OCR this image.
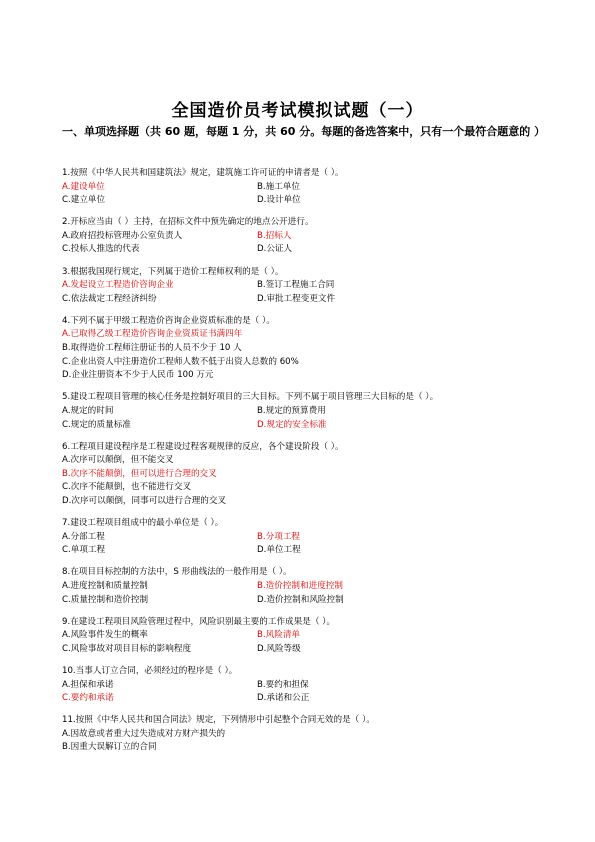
全国造价员考试模拟试题（一）
一、单项选择题（共 60 题，每题 1 分，共 60 分。每题的备选答案中，只有一个最符合题意的 ）
1.按照《中华人民共和国建筑法》规定，建筑施工许可证的申请者是（ ）。
A.建设单位	B.施工单位
C.建立单位	D.设计单位
2.开标应当由（ ）主持，在招标文件中预先确定的地点公开进行。
A.政府招投标管理办公室负责人	B.招标人
C.投标人推选的代表	D.公证人
3.根据我国现行规定，下列属于造价工程师权利的是（ ）。
A.发起设立工程造价咨询企业	B.签订工程施工合同
C.依法裁定工程经济纠纷	D.审批工程变更文件
4.下列不属于甲级工程造价咨询企业资质标准的是（ ）。
A.已取得乙级工程造价咨询企业资质证书满四年
B.取得造价工程师注册证书的人员不少于 10 人
C.企业出资人中注册造价工程师人数不低于出资人总数的 60%
D.企业注册资本不少于人民币 100 万元
5.建设工程项目管理的核心任务是控制好项目的三大目标。下列不属于项目管理三大目标的是（ ）。
A.规定的时间	B.规定的预算费用
C.规定的质量标准	D.规定的安全标准
6.工程项目建设程序是工程建设过程客观规律的反应，各个建设阶段（ ）。
A.次序可以颠倒，但不能交叉
B.次序不能颠倒，但可以进行合理的交叉
C.次序不能颠倒，也不能进行交叉
D.次序可以颠倒，同事可以进行合理的交叉
7.建设工程项目组成中的最小单位是（ ）。
A.分部工程	B.分项工程
C.单项工程	D.单位工程
8.在项目目标控制的方法中，S 形曲线法的一般作用是（ ）。
A.进度控制和质量控制	B.造价控制和进度控制
C.质量控制和造价控制	D.造价控制和风险控制
9.在建设工程项目风险管理过程中，风险识别最主要的工作成果是（ ）。
A.风险事件发生的概率	B.风险清单
C.风险事故对项目目标的影响程度	D.风险等级
10.当事人订立合同，必须经过的程序是（ ）。
A.担保和承诺	B.要约和担保
C.要约和承诺	D.承诺和公正
11.按照《中华人民共和国合同法》规定，下列情形中引起整个合同无效的是（ ）。
A.因故意或者重大过失造成对方财产损失的
B.因重大误解订立的合同
